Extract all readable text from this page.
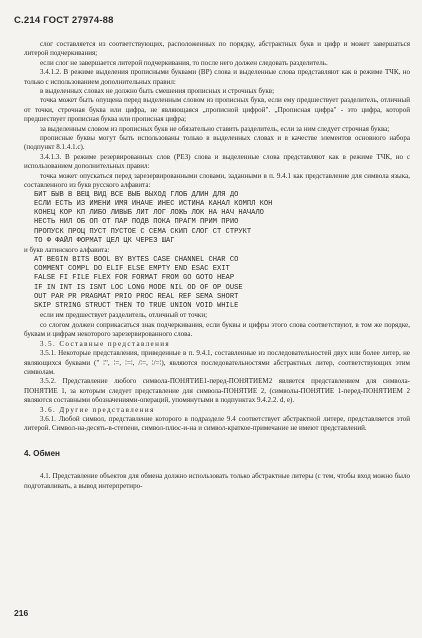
С.214 ГОСТ 27974-88

слог составляется из соответствующих, расположенных по порядку, абстрактных букв и цифр и может завершаться литерой подчеркивания;

если слог не завершается литерой подчеркивания, то после него должен следовать разделитель.

3.4.1.2. В режиме выделения прописными буквами (ВР) слова и выделенные слова представляют как в режиме ТЧК, но только с использованием дополнительных правил:

в выделенных словах не должно быть смешения прописных и строчных букв;

точка может быть опущена перед выделенным словом из прописных букв, если ему предшествует разделитель, отличный от точки, строчная буква или цифра, не являющаяся „прописной цифрой". „Прописная цифра" - это цифра, которой предшествует прописная буква или прописная цифра;

за выделенным словом из прописных букв не обязательно ставить разделитель, если за ним следует строчная буква;

прописные буквы могут быть использованы только в выделенных словах и в качестве элементов основного набора (подпункт 8.1.4.1.с).

3.4.1.3. В режиме резервированных слов (РЕЗ) слова и выделенные слова представляют как в режиме ТЧК, но с использованием дополнительных правил:

точка может опускаться перед зарезервированными словами, заданными в п. 9.4.1 как представление для символа языка, составленного из букв русского алфавита:

БИТ БЫВ В ВЕЩ ВИД ВСЕ ВЫБ ВЫХОД ГЛОБ ДЛИН ДЛЯ ДО

ЕСЛИ ЕСТЬ ИЗ ИМЕНИ ИМЯ ИНАЧЕ ИНЕС ИСТИНА КАНАЛ КОМПЛ КОН

КОНЕЦ КОР КП ЛИБО ЛИВЫБ ЛИТ ЛОГ ЛОЖЬ ЛОК НА НАЧ НАЧАЛО

НЕСТЬ НИЛ ОБ ОП ОТ ПАР ПОДВ ПОКА ПРАГМ ПРИМ ПРИО

ПРОПУСК ПРОЦ ПУСТ ПУСТОЕ С СЕМА СКИП СЛОГ СТ СТРУКТ

ТО Ф ФАЙЛ ФОРМАТ ЦЕЛ ЦК ЧЕРЕЗ ШАГ

и букв латинского алфавита:

AT BEGIN BITS BOOL BY BYTES CASE CHANNEL CHAR CO

COMMENT COMPL DO ELIF ELSE EMPTY END ESAC EXIT

FALSE FI FILE FLEX FOR FORMAT FROM GO GOTO HEAP

IF IN INT IS ISNT LOC LONG MODE NIL OD OF OP OUSE

OUT PAR PR PRAGMAT PRIO PROC REAL REF SEMA SHORT

SKIP STRING STRUCT THEN TO TRUE UNION VOID WHILE

если им предшествует разделитель, отличный от точки;

со слогом должен соприкасаться знак подчеркивания, если буквы и цифры этого слова соответствуют, в том же порядке, буквам и цифрам некоторого зарезервированного слова.

3.5. Составные представления

3.5.1. Некоторые представления, приведенные в п. 9.4.1, составленные из последовательностей двух или более литер, не являющихся буквами (" ∶", ∶=, ∶=∶, /∶=, ∶/=∶), являются последовательностями абстрактных литер, соответствующих этим символам.

3.5.2. Представление любого символа-ПОНЯТИЕ1-перед-ПОНЯТИЕМ2 является представлением для символа-ПОНЯТИЕ 1, за которым следует представление для символа-ПОНЯТИЕ 2, (символы-ПОНЯТИЕ 1-перед-ПОНЯТИЕМ 2 являются составными обозначениями-операций, упомянутыми в подпунктах 9.4.2.2. d, e).

3.6. Другие представления

3.6.1. Любой символ, представление которого в подразделе 9.4 соответствует абстрактной литере, представляется этой литерой. Символ-на-десять-в-степени, символ-плюс-и-на и символ-краткое-примечание не имеют представлений.

4. Обмен

4.1. Представление объектов для обмена должно использовать только абстрактные литеры (с тем, чтобы вход можно было подготавливать, а вывод интерпретиро-

216
